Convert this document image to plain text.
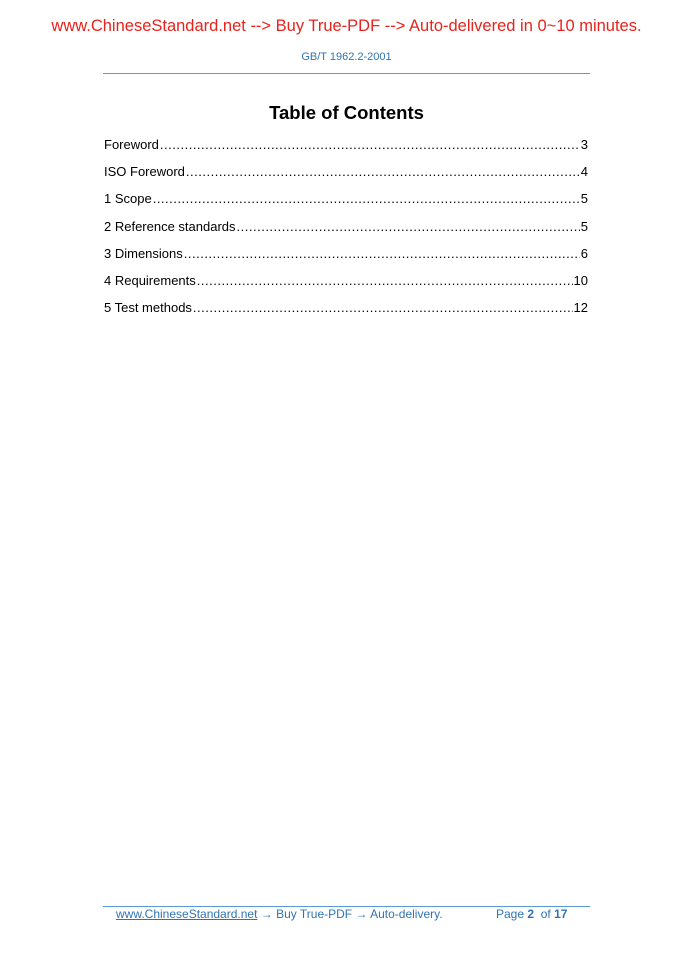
www.ChineseStandard.net --> Buy True-PDF --> Auto-delivered in 0~10 minutes.
GB/T 1962.2-2001
Table of Contents
Foreword .....	3
ISO Foreword .....	4
1 Scope .....	5
2 Reference standards .....	5
3 Dimensions .....	6
4 Requirements .....	10
5 Test methods .....	12
www.ChineseStandard.net → Buy True-PDF → Auto-delivery.	Page 2 of 17
